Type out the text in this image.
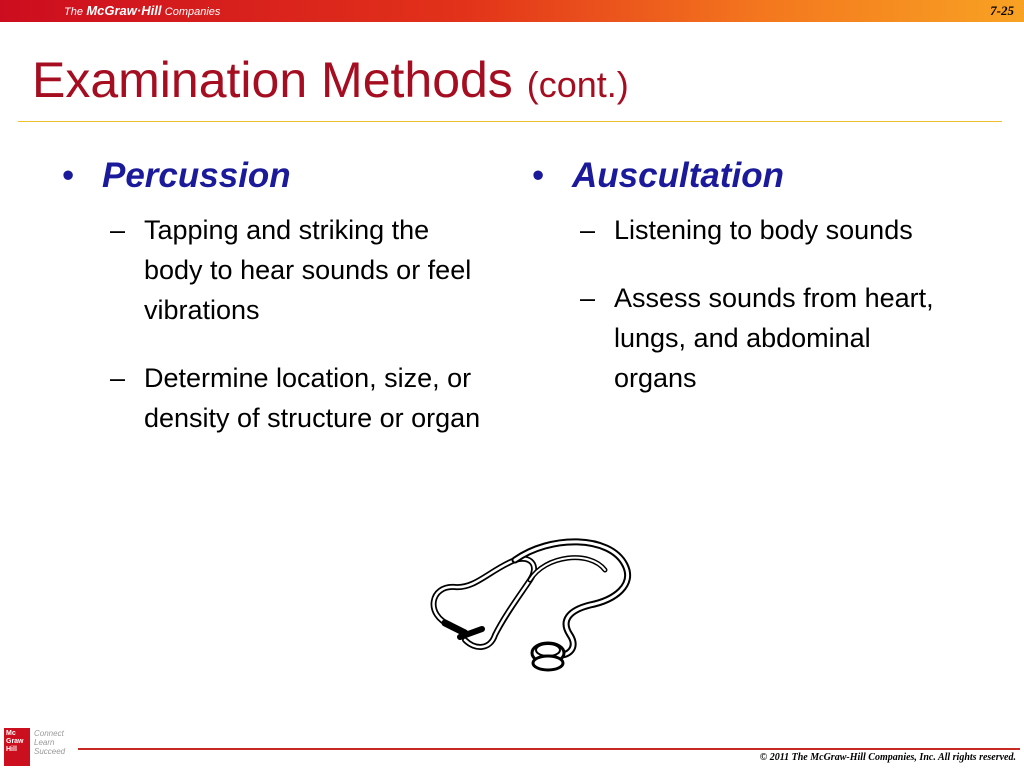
The McGraw·Hill Companies	7-25
Examination Methods (cont.)
• Percussion
– Tapping and striking the body to hear sounds or feel vibrations
– Determine location, size, or density of structure or organ
• Auscultation
– Listening to body sounds
– Assess sounds from heart, lungs, and abdominal organs
Mc
Graw
Hill
Connect
Learn
Succeed
© 2011 The McGraw-Hill Companies, Inc. All rights reserved.
